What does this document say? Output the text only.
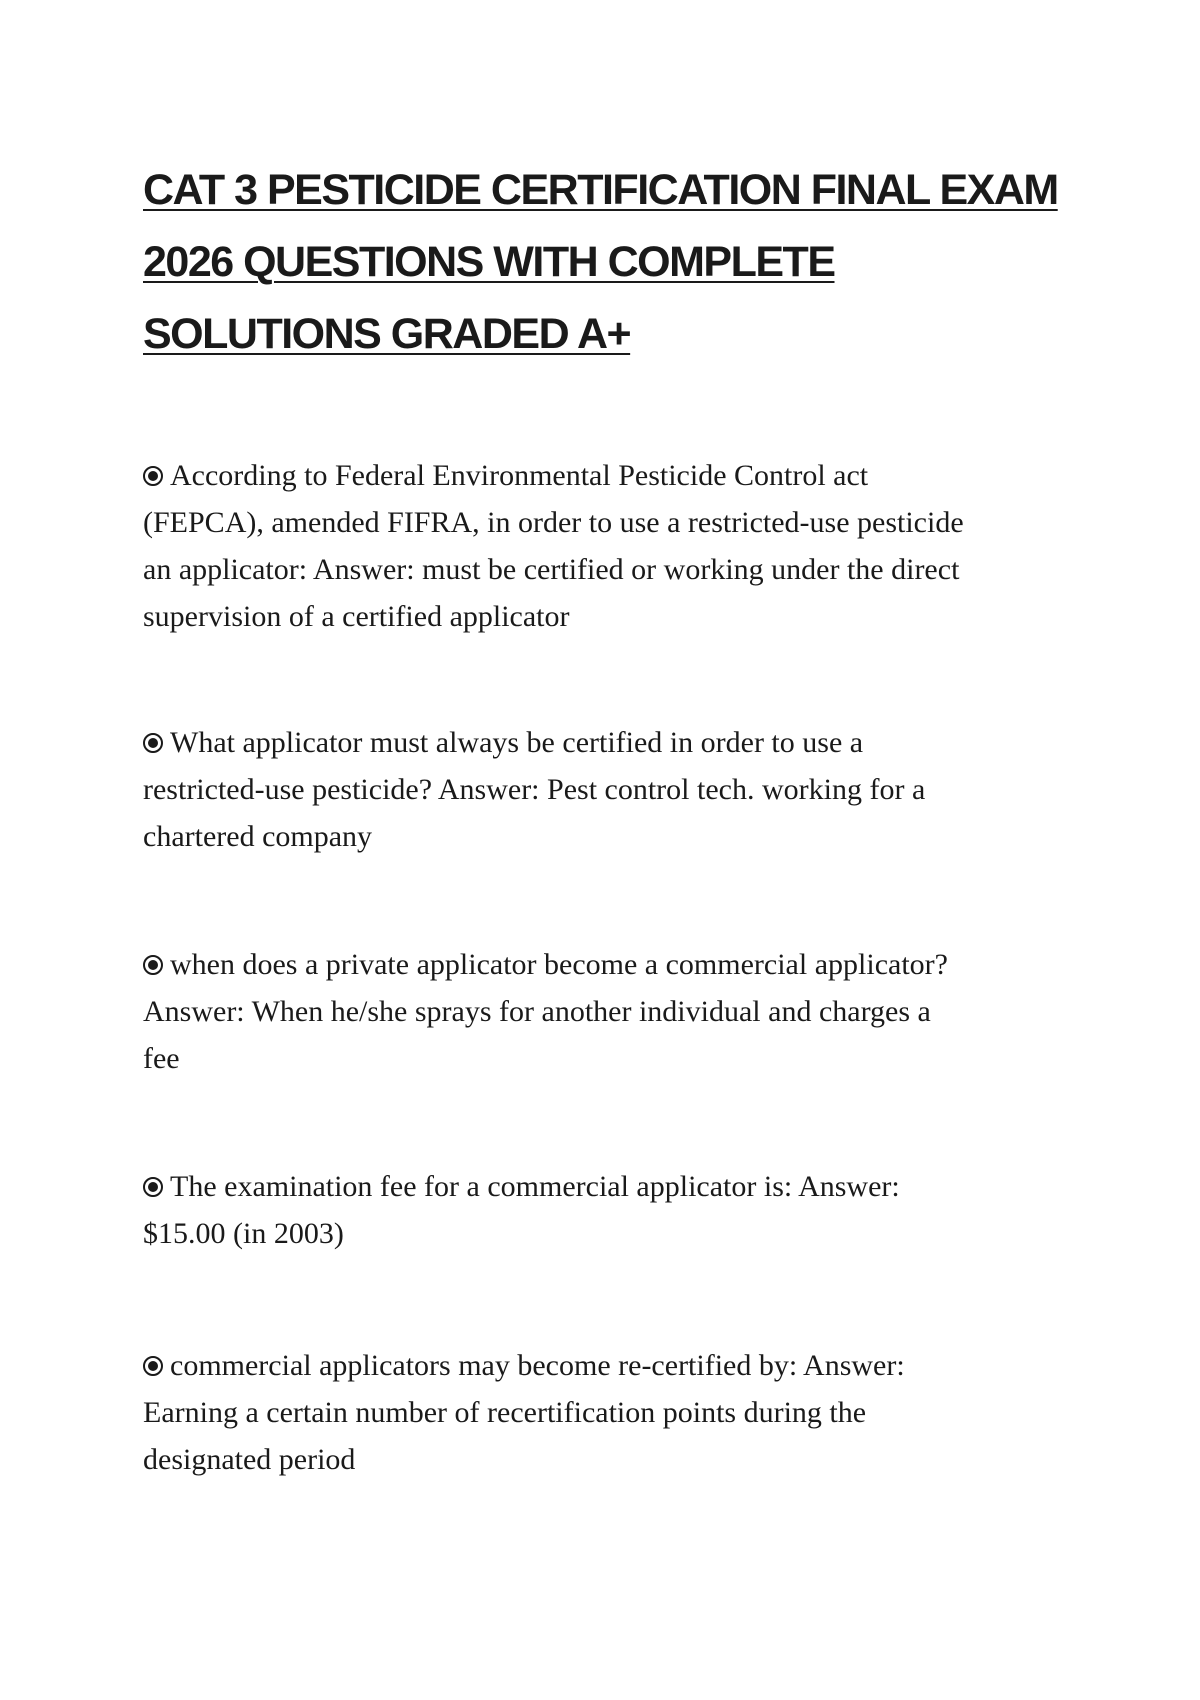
CAT 3 PESTICIDE CERTIFICATION FINAL EXAM
2026 QUESTIONS WITH COMPLETE
SOLUTIONS GRADED A+

According to Federal Environmental Pesticide Control act
(FEPCA), amended FIFRA, in order to use a restricted-use pesticide
an applicator: Answer: must be certified or working under the direct
supervision of a certified applicator

What applicator must always be certified in order to use a
restricted-use pesticide? Answer: Pest control tech. working for a
chartered company

when does a private applicator become a commercial applicator?
Answer: When he/she sprays for another individual and charges a
fee

The examination fee for a commercial applicator is: Answer:
$15.00 (in 2003)

commercial applicators may become re-certified by: Answer:
Earning a certain number of recertification points during the
designated period
